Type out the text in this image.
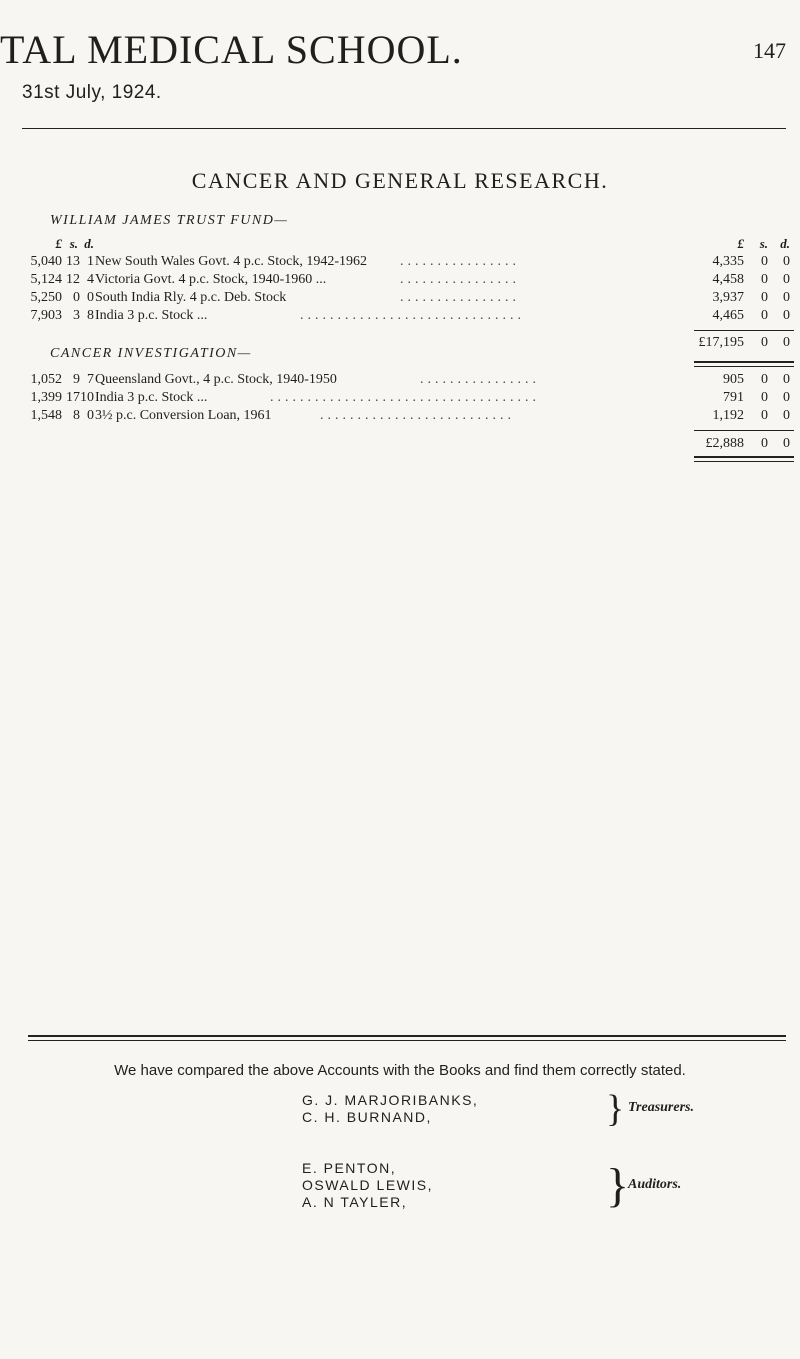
TAL MEDICAL SCHOOL.	147
31st July, 1924.
CANCER AND GENERAL RESEARCH.
WILLIAM JAMES TRUST FUND—
£ s. d.	£	s. d.
5,040 13 1 New South Wales Govt. 4 p.c. Stock, 1942-1962 ................	4,335	0	0
5,124 12 4 Victoria Govt. 4 p.c. Stock, 1940-1960 ...	................	4,458	0	0
5,250 0 0 South India Rly. 4 p.c. Deb. Stock	................	3,937	0	0
7,903 3 8 India 3 p.c. Stock ...	..............................	4,465	0	0
£17,195	0	0
CANCER INVESTIGATION—
1,052 9 7 Queensland Govt., 4 p.c. Stock, 1940-1950	................	905	0	0
1,399 17 10 India 3 p.c. Stock ...	....................................	791	0	0
1,548 8 0 3½ p.c. Conversion Loan, 1961	..........................	1,192	0	0
£2,888	0	0
We have compared the above Accounts with the Books and find them correctly stated.
G. J. MARJORIBANKS,
C. H. BURNAND,	} Treasurers.
E. PENTON,
OSWALD LEWIS,
A. N TAYLER,	}
Auditors.
